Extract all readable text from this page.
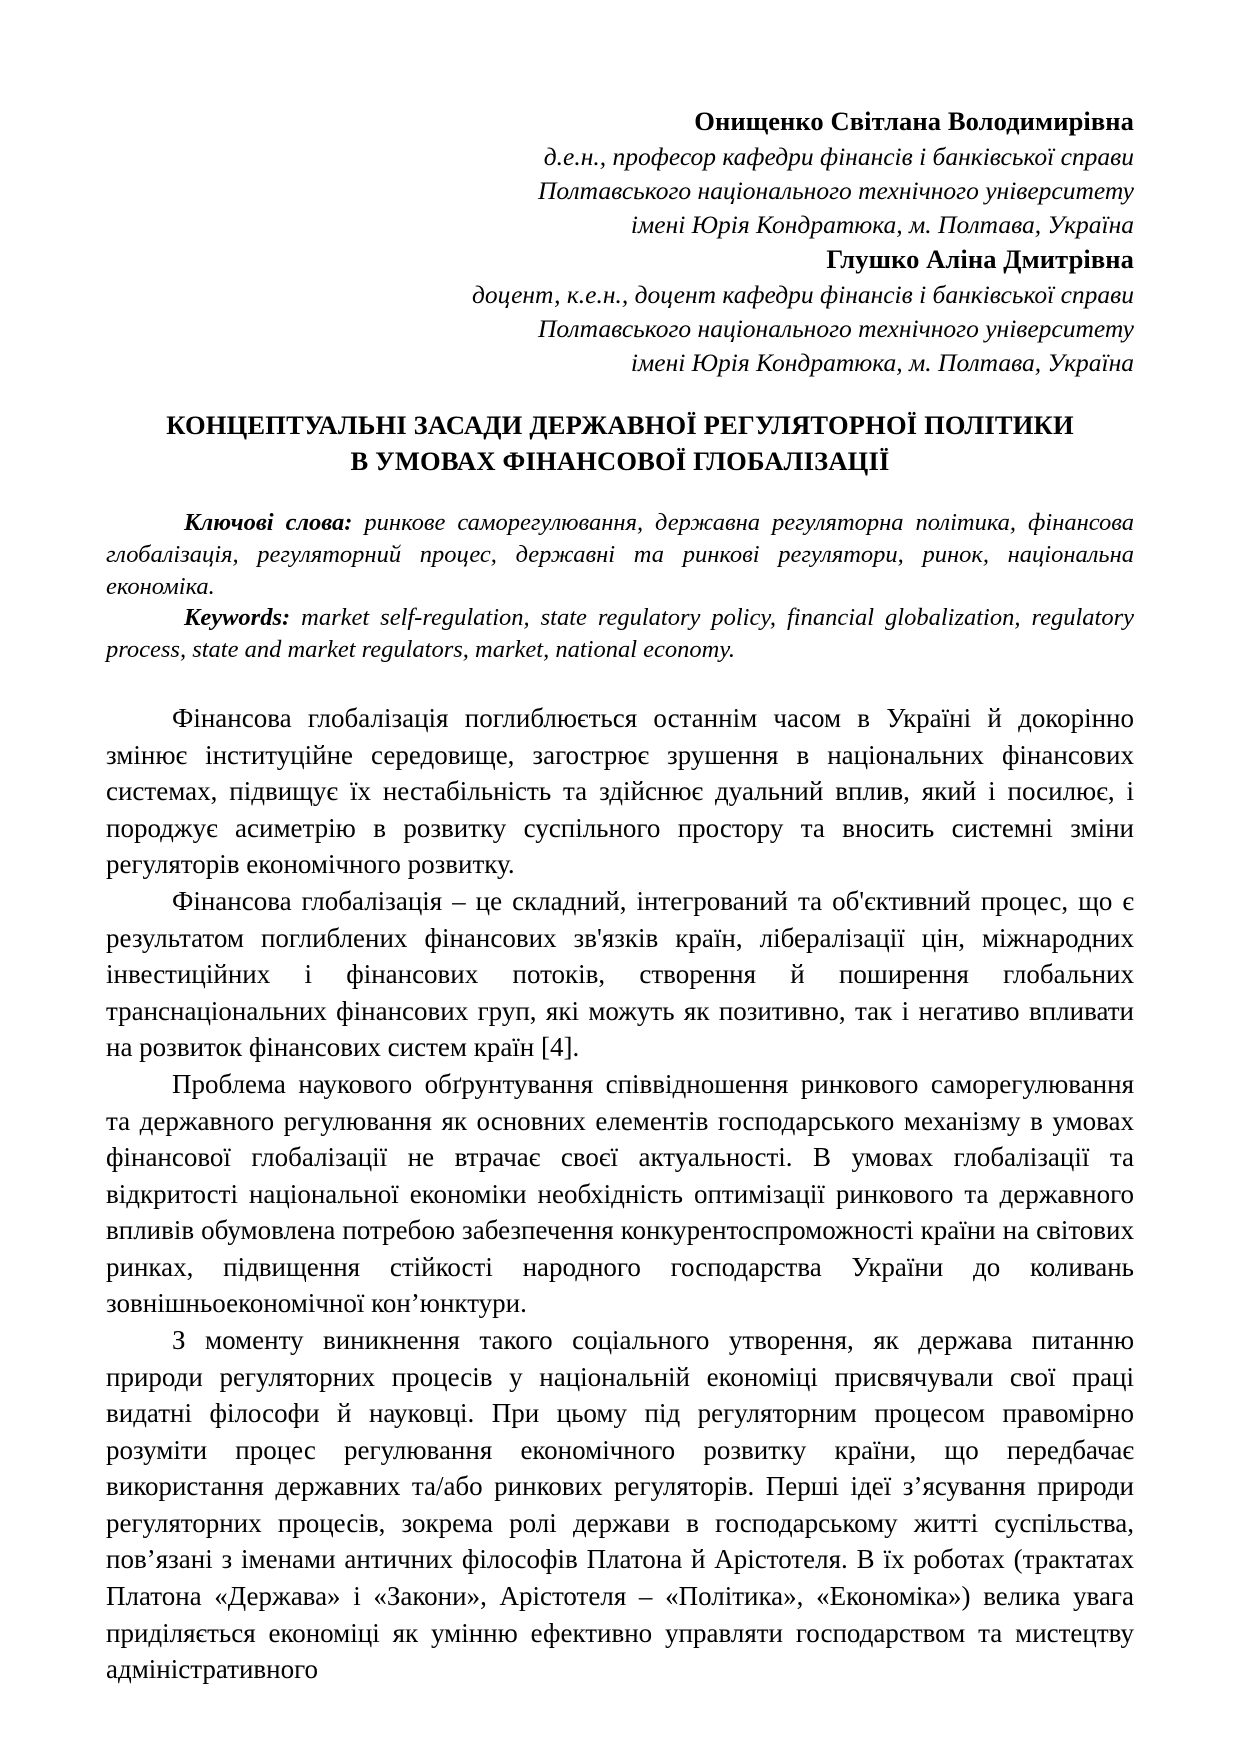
Онищенко Світлана Володимирівна
д.е.н., професор кафедри фінансів і банківської справи
Полтавського національного технічного університету
імені Юрія Кондратюка, м. Полтава, Україна
Глушко Аліна Дмитрівна
доцент, к.е.н., доцент кафедри фінансів і банківської справи
Полтавського національного технічного університету
імені Юрія Кондратюка, м. Полтава, Україна
КОНЦЕПТУАЛЬНІ ЗАСАДИ ДЕРЖАВНОЇ РЕГУЛЯТОРНОЇ ПОЛІТИКИ
В УМОВАХ ФІНАНСОВОЇ ГЛОБАЛІЗАЦІЇ

Ключові слова: ринкове саморегулювання, державна регуляторна політика, фінансова глобалізація, регуляторний процес, державні та ринкові регулятори, ринок, національна економіка.

Keywords: market self-regulation, state regulatory policy, financial globalization, regulatory process, state and market regulators, market, national economy.

Фінансова глобалізація поглиблюється останнім часом в Україні й докорінно змінює інституційне середовище, загострює зрушення в національних фінансових системах, підвищує їх нестабільність та здійснює дуальний вплив, який і посилює, і породжує асиметрію в розвитку суспільного простору та вносить системні зміни регуляторів економічного розвитку.

Фінансова глобалізація – це складний, інтегрований та об'єктивний процес, що є результатом поглиблених фінансових зв'язків країн, лібералізації цін, міжнародних інвестиційних і фінансових потоків, створення й поширення глобальних транснаціональних фінансових груп, які можуть як позитивно, так і негативо впливати на розвиток фінансових систем країн [4].

Проблема наукового обґрунтування співвідношення ринкового саморегулювання та державного регулювання як основних елементів господарського механізму в умовах фінансової глобалізації не втрачає своєї актуальності. В умовах глобалізації та відкритості національної економіки необхідність оптимізації ринкового та державного впливів обумовлена потребою забезпечення конкурентоспроможності країни на світових ринках, підвищення стійкості народного господарства України до коливань зовнішньоекономічної кон’юнктури.

З моменту виникнення такого соціального утворення, як держава питанню природи регуляторних процесів у національній економіці присвячували свої праці видатні філософи й науковці. При цьому під регуляторним процесом правомірно розуміти процес регулювання економічного розвитку країни, що передбачає використання державних та/або ринкових регуляторів. Перші ідеї з’ясування природи регуляторних процесів, зокрема ролі держави в господарському житті суспільства, пов’язані з іменами античних філософів Платона й Арістотеля. В їх роботах (трактатах Платона «Держава» і «Закони», Арістотеля – «Політика», «Економіка») велика увага приділяється економіці як умінню ефективно управляти господарством та мистецтву адміністративного
